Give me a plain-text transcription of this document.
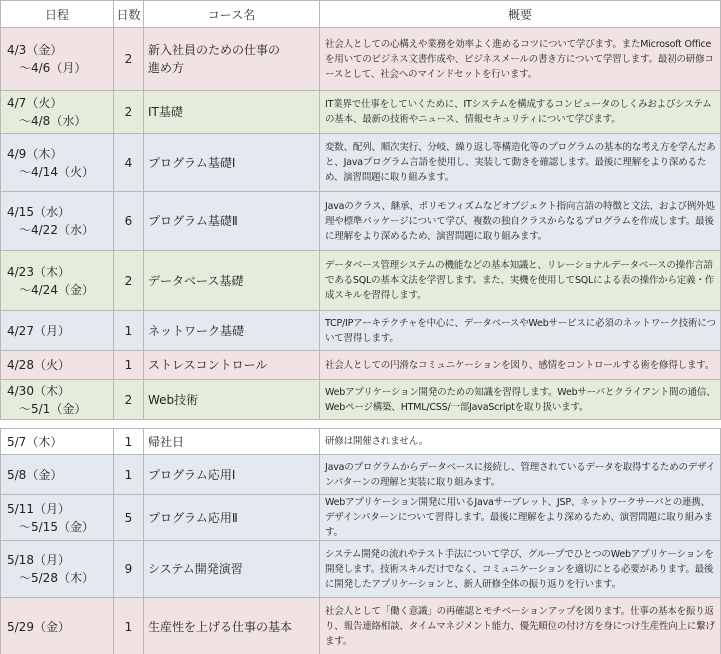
日程	日数	コース名	概要
4/3（金）
　～4/6（月）	2	新入社員のための仕事の
進め方	社会人としての心構えや業務を効率よく進めるコツについて学びます。またMicrosoft Officeを用いてのビジネス文書作成や、ビジネスメールの書き方について学習します。最初の研修コースとして、社会へのマインドセットを行います。
4/7（火）
　～4/8（水）	2	IT基礎	IT業界で仕事をしていくために、ITシステムを構成するコンピュータのしくみおよびシステムの基本、最新の技術やニュース、情報セキュリティについて学びます。
4/9（木）
　～4/14（火）	4	プログラム基礎Ⅰ	変数、配列、順次実行、分岐、繰り返し等構造化等のプログラムの基本的な考え方を学んだあと、Javaプログラム言語を使用し、実装して動きを確認します。最後に理解をより深めるため、演習問題に取り組みます。
4/15（水）
　～4/22（水）	6	プログラム基礎Ⅱ	Javaのクラス、継承、ポリモフィズムなどオブジェクト指向言語の特徴と文法、および例外処理や標準パッケージについて学び、複数の独自クラスからなるプログラムを作成します。最後に理解をより深めるため、演習問題に取り組みます。
4/23（木）
　～4/24（金）	2	データベース基礎	データベース管理システムの機能などの基本知識と、リレーショナルデータベースの操作言語であるSQLの基本文法を学習します。また、実機を使用してSQLによる表の操作から定義・作成スキルを習得します。
4/27（月）	1	ネットワーク基礎	TCP/IPアーキテクチャを中心に、データベースやWebサービスに必須のネットワーク技術について習得します。
4/28（火）	1	ストレスコントロール	社会人としての円滑なコミュニケーションを図り、感情をコントロールする術を修得します。
4/30（木）
　～5/1（金）	2	Web技術	Webアプリケーション開発のための知識を習得します。Webサーバとクライアント間の通信、Webページ構築、HTML/CSS/一部JavaScriptを取り扱います。

5/7（木）	1	帰社日	研修は開催されません。
5/8（金）	1	プログラム応用Ⅰ	Javaのプログラムからデータベースに接続し、管理されているデータを取得するためのデザインパターンの理解と実装に取り組みます。
5/11（月）
　～5/15（金）	5	プログラム応用Ⅱ	Webアプリケーション開発に用いるJavaサーブレット、JSP、ネットワークサーバとの連携、デザインパターンについて習得します。最後に理解をより深めるため、演習問題に取り組みます。
5/18（月）
　～5/28（木）	9	システム開発演習	システム開発の流れやテスト手法について学び、グループでひとつのWebアプリケーションを開発します。技術スキルだけでなく、コミュニケーションを適切にとる必要があります。最後に開発したアプリケーションと、新人研修全体の振り返りを行います。
5/29（金）	1	生産性を上げる仕事の基本	社会人として「働く意識」の再確認とモチベーションアップを図ります。仕事の基本を振り返り、報告連絡相談、タイムマネジメント能力、優先順位の付け方を身につけ生産性向上に繋げます。
